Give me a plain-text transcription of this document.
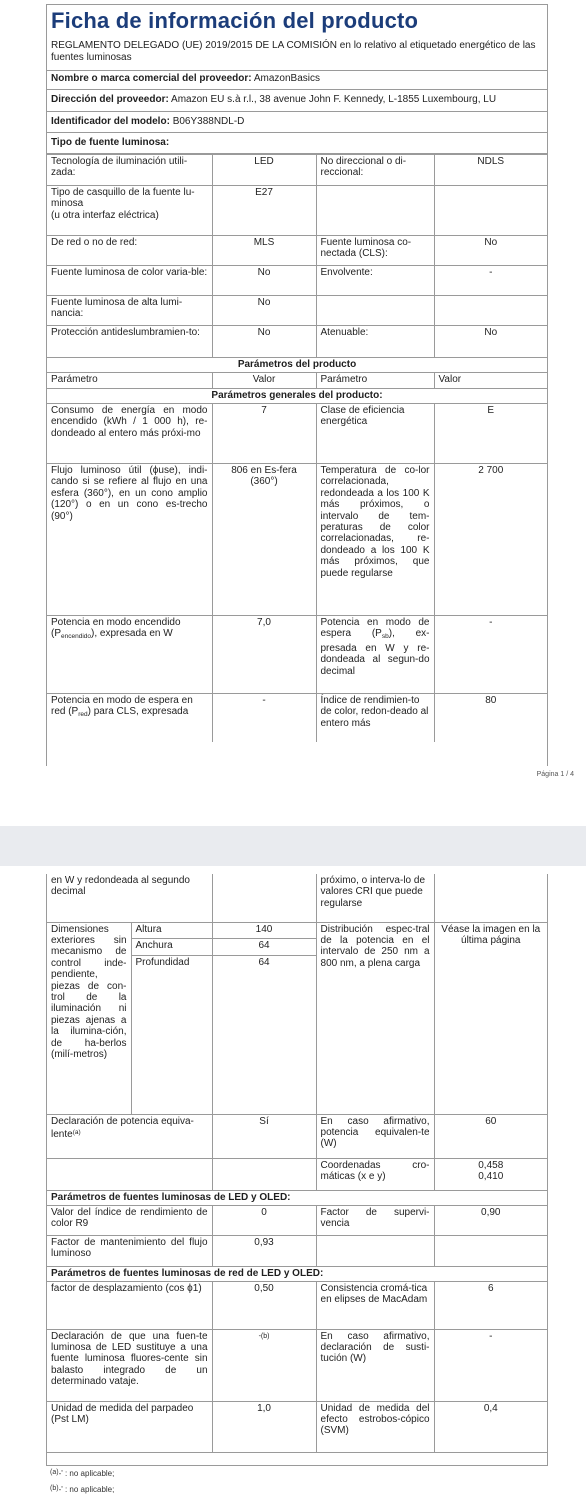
Ficha de información del producto
REGLAMENTO DELEGADO (UE) 2019/2015 DE LA COMISIÓN en lo relativo al etiquetado energético de las fuentes luminosas
Nombre o marca comercial del proveedor: AmazonBasics
Dirección del proveedor: Amazon EU s.à r.l., 38 avenue John F. Kennedy, L-1855 Luxembourg, LU
Identificador del modelo: B06Y388NDL-D
Tipo de fuente luminosa:
Tecnología de iluminación utili-zada:	LED	No direccional o di-reccional:	NDLS

Tipo de casquillo de la fuente lu-minosa
(u otra interfaz eléctrica)	E27		
De red o no de red:	MLS	Fuente luminosa co-nectada (CLS):	No
Fuente luminosa de color varia-ble:	No	Envolvente:	-
Fuente luminosa de alta lumi-nancia:	No		
Protección antideslumbramien-to:	No	Atenuable:	No
Parámetros del producto			
Parámetro	Valor	Parámetro	Valor
Parámetros generales del producto:			
Consumo de energía en modo encendido (kWh / 1 000 h), re-dondeado al entero más próxi-mo	7	Clase de eficiencia energética	E
Flujo luminoso útil (ϕuse), indi-cando si se refiere al flujo en una esfera (360°), en un cono amplio (120°) o en un cono es-trecho (90°)	806 en Es-fera (360°)	Temperatura de co-lor correlacionada, redondeada a los 100 K más próximos, o intervalo de tem-peraturas de color correlacionadas, re-dondeado a los 100 K más próximos, que puede regularse	2 700
Potencia en modo encendido $(P_{encendido})$, expresada en W	7,0	Potencia en modo de espera $(P_{sb})$, ex-presada en W y re-dondeada al segun-do decimal	-
Potencia en modo de espera en red $(P_{red})$ para CLS, expresada	-	Índice de rendimien-to de color, redon-deado al entero más	80
Página 1 / 4
en W y redondeada al segundo decimal			próximo, o interva-lo de valores CRI que puede regularse	
Dimensiones exteriores sin mecanismo de control inde-pendiente, piezas de con-trol de la iluminación ni piezas ajenas a la ilumina-ción, de ha-berlos (milí-metros)	Altura	140	Distribución espec-tral de la potencia en el intervalo de 250 nm a 800 nm, a plena carga	Véase la imagen en la última página
	Anchura	64		
	Profundidad	64		
Declaración de potencia equiva-lente$^{(a)}$		Sí	En caso afirmativo, potencia equivalen-te (W)	60
			Coordenadas cro-máticas (x e y)	0,458
0,410

Parámetros de fuentes luminosas de LED y OLED:				
Valor del índice de rendimiento de color R9		0	Factor de supervi-vencia	0,90
Factor de mantenimiento del flujo luminoso		0,93		
Parámetros de fuentes luminosas de red de LED y OLED:				
factor de desplazamiento (cos ϕ1)		0,50	Consistencia cromá-tica en elipses de MacAdam	6
Declaración de que una fuen-te luminosa de LED sustituye a una fuente luminosa fluores-cente sin balasto integrado de un determinado vataje.		-(b)	En caso afirmativo, declaración de susti-tución (W)	-
Unidad de medida del parpadeo (Pst LM)		1,0	Unidad de medida del efecto estrobos-cópico (SVM)	0,4
(a)-' : no aplicable;
(b)-' : no aplicable;
